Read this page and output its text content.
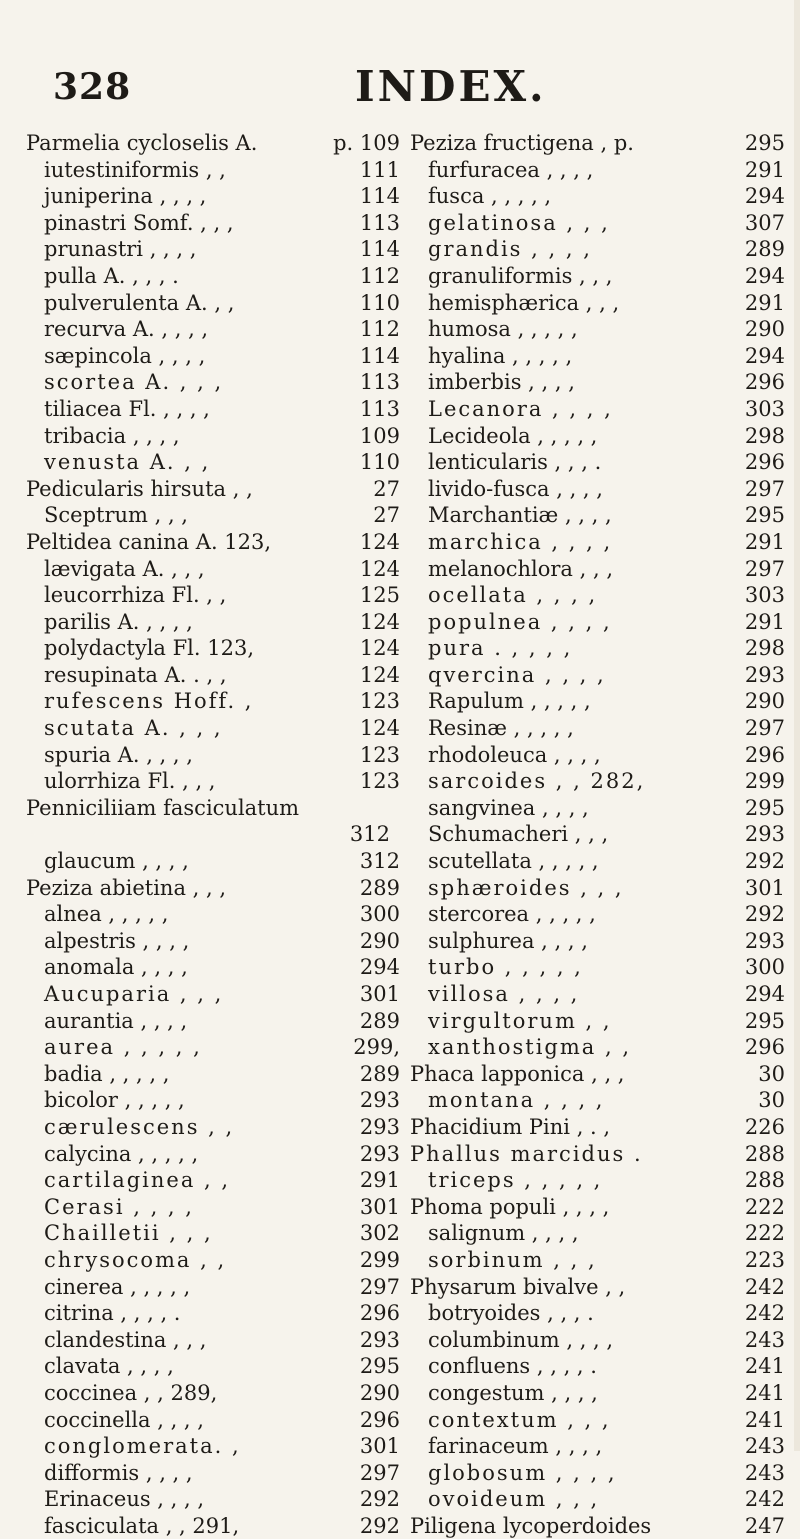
328	INDEX.
Parmelia cycloselis A.	p. 109
iutestiniformis , ,	111
juniperina , , , ,	114
pinastri Somf. , , ,	113
prunastri , , , ,	114
pulla A. , , , .	112
pulverulenta A. , ,	110
recurva A. , , , ,	112
sæpincola , , , ,	114
scortea A. , , ,	113
tiliacea Fl. , , , ,	113
tribacia , , , ,	109
venusta A. , ,	110
Pedicularis hirsuta , ,	27
Sceptrum , , ,	27
Peltidea canina A. 123,	124
lævigata A. , , ,	124
leucorrhiza Fl. , ,	125
parilis A. , , , ,	124
polydactyla Fl. 123,	124
resupinata A. . , ,	124
rufescens Hoff. ,	123
scutata A. , , ,	124
spuria A. , , , ,	123
ulorrhiza Fl. , , ,	123
Penniciliiam fasciculatum
312
glaucum , , , ,	312
Peziza abietina , , ,	289
alnea , , , , ,	300
alpestris , , , ,	290
anomala , , , ,	294
Aucuparia , , ,	301
aurantia , , , ,	289
aurea , , , , ,	299,
badia , , , , ,	289
bicolor , , , , ,	293
cærulescens , ,	293
calycina , , , , ,	293
cartilaginea , ,	291
Cerasi , , , ,	301
Chailletii , , ,	302
chrysocoma , ,	299
cinerea , , , , ,	297
citrina , , , , .	296
clandestina , , ,	293
clavata , , , ,	295
coccinea , , 289,	290
coccinella , , , ,	296
conglomerata. ,	301
difformis , , , ,	297
Erinaceus , , , ,	292
fasciculata , , 291,	292
Peziza fructigena , p.	295
furfuracea , , , ,	291
fusca , , , , ,	294
gelatinosa , , ,	307
grandis , , , ,	289
granuliformis , , ,	294
hemisphærica , , ,	291
humosa , , , , ,	290
hyalina , , , , ,	294
imberbis , , , ,	296
Lecanora , , , ,	303
Lecideola , , , , ,	298
lenticularis , , , .	296
livido-fusca , , , ,	297
Marchantiæ , , , ,	295
marchica , , , ,	291
melanochlora , , ,	297
ocellata , , , ,	303
populnea , , , ,	291
pura . , , , ,	298
qvercina , , , ,	293
Rapulum , , , , ,	290
Resinæ , , , , ,	297
rhodoleuca , , , ,	296
sarcoides , , 282,	299
sangvinea , , , ,	295
Schumacheri , , ,	293
scutellata , , , , ,	292
sphæroides , , ,	301
stercorea , , , , ,	292
sulphurea , , , ,	293
turbo , , , , ,	300
villosa , , , ,	294
virgultorum , ,	295
xanthostigma , ,	296
Phaca lapponica , , ,	30
montana , , , ,	30
Phacidium Pini , . ,	226
Phallus marcidus .	288
triceps , , , , ,	288
Phoma populi , , , ,	222
salignum , , , ,	222
sorbinum , , ,	223
Physarum bivalve , ,	242
botryoides , , , .	242
columbinum , , , ,	243
confluens , , , , .	241
congestum , , , ,	241
contextum , , ,	241
farinaceum , , , ,	243
globosum , , , ,	243
ovoideum , , ,	242
Piligena lycoperdoides	247
